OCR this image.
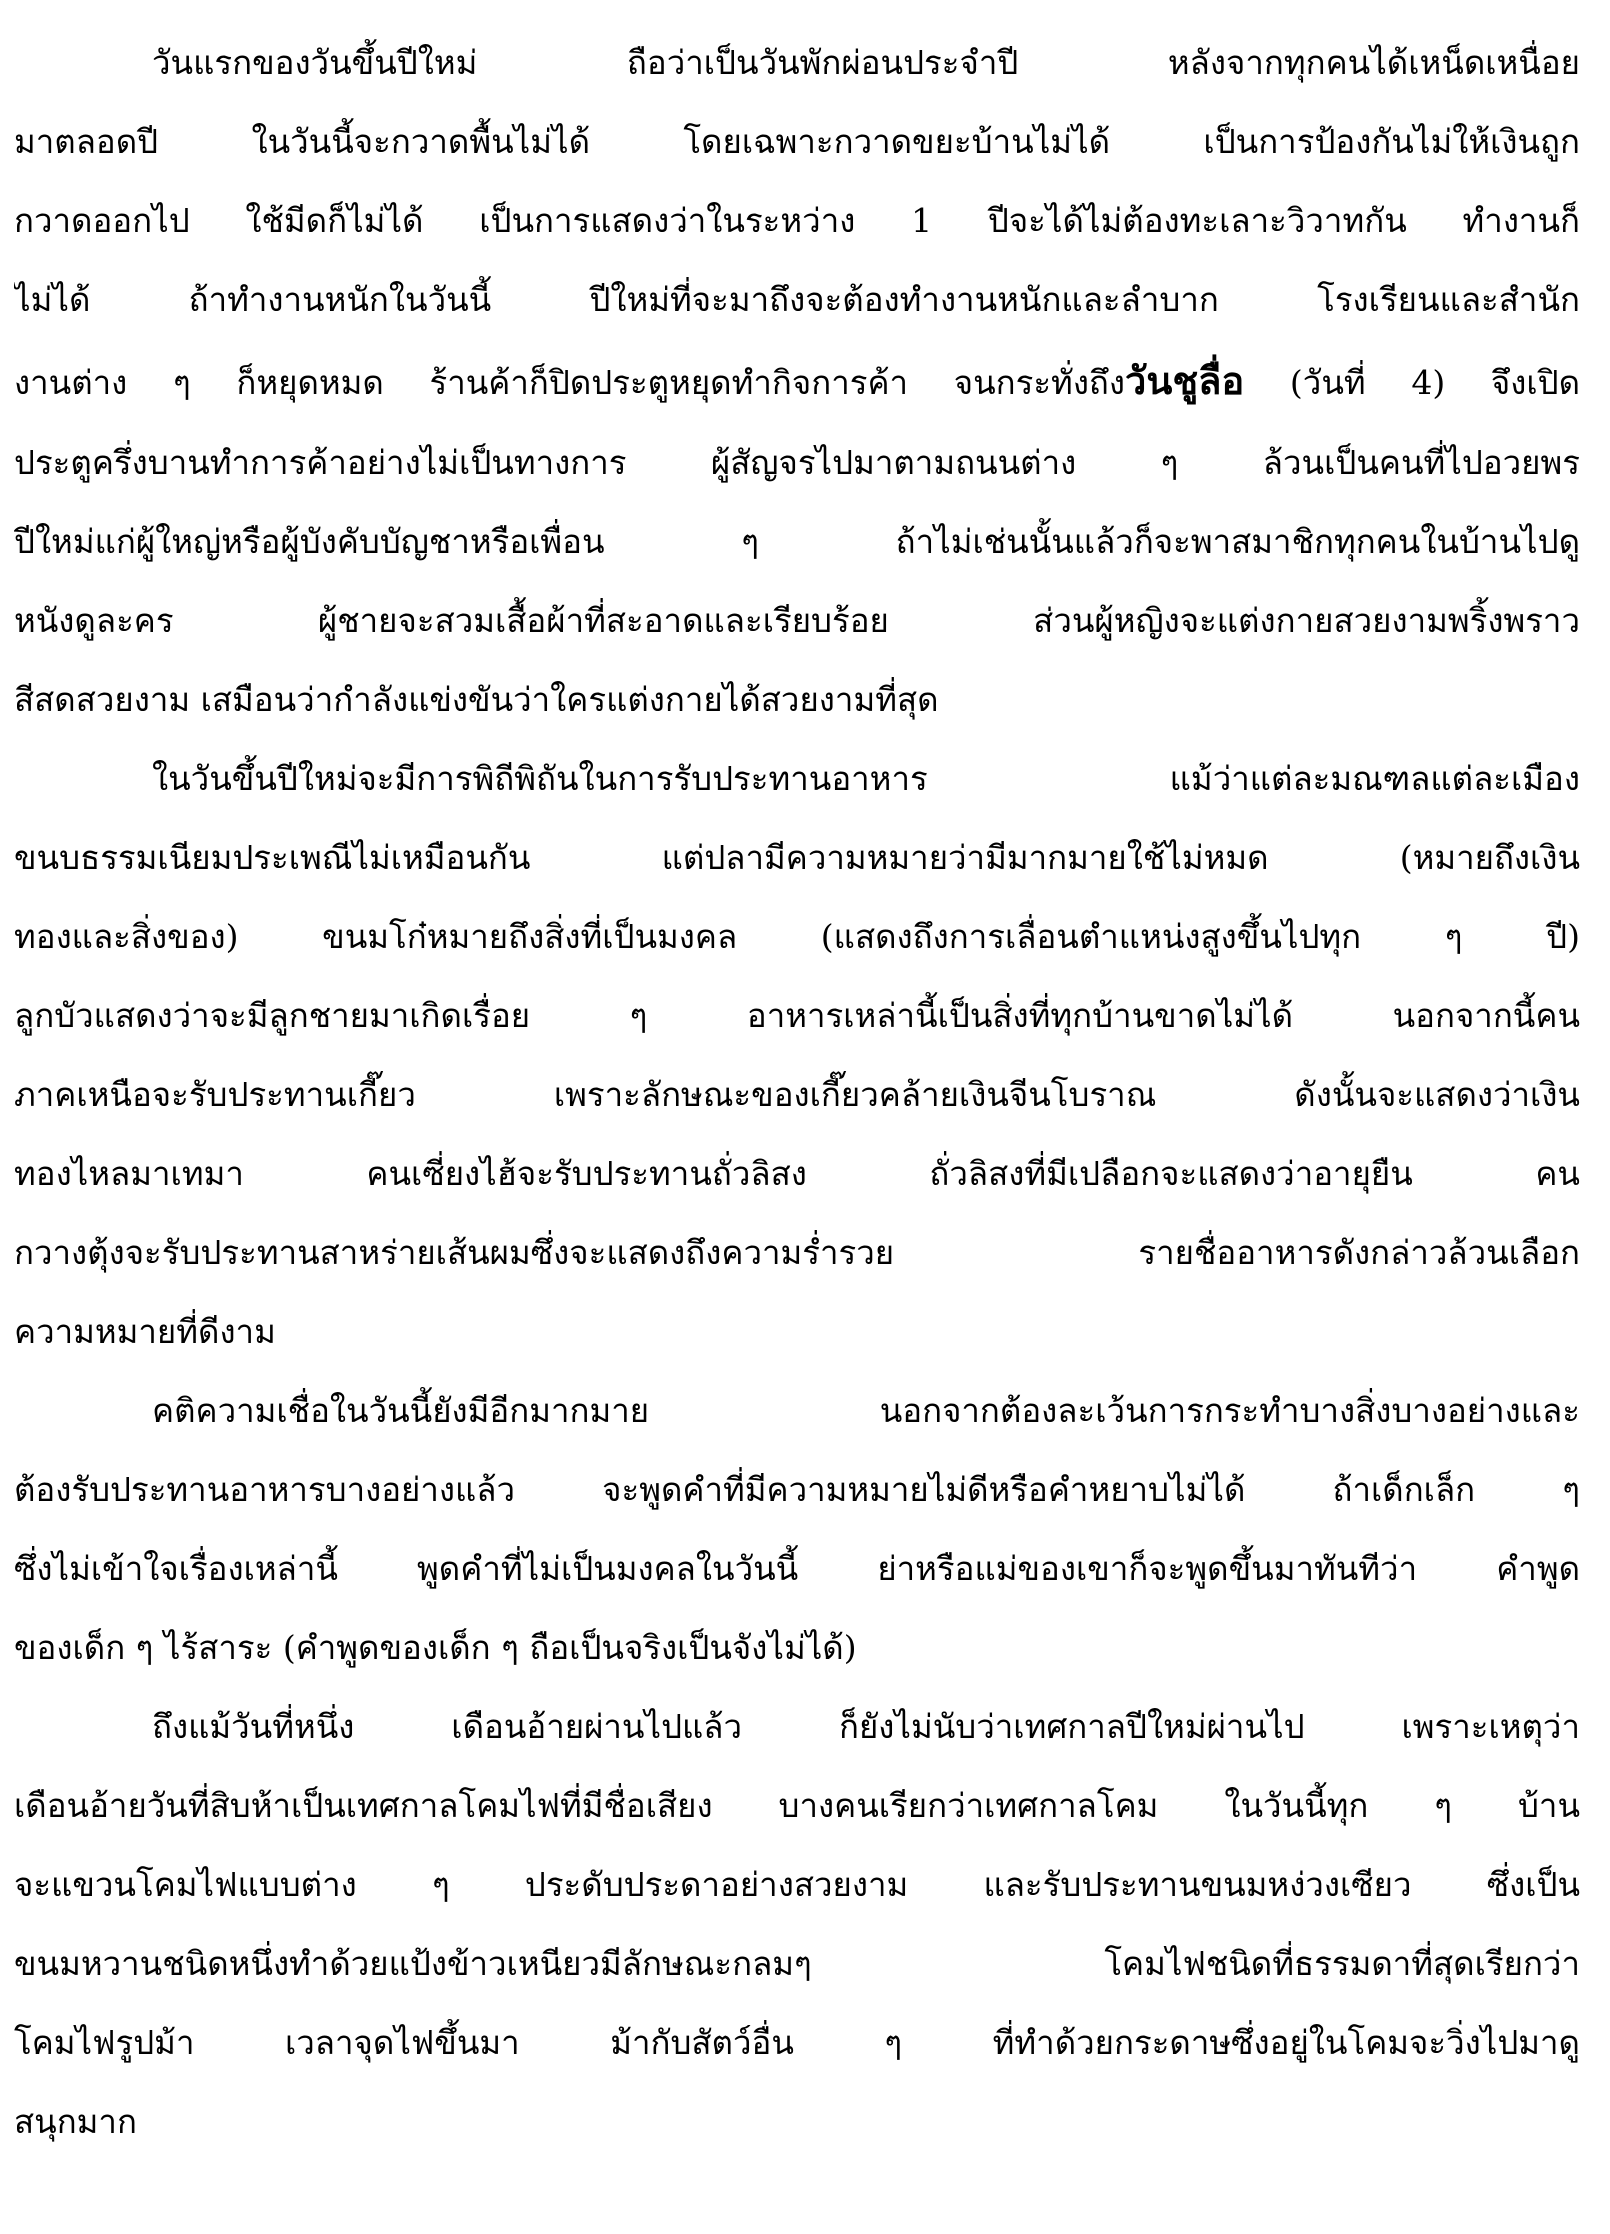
วันแรกของวันขึ้นปีใหม่ ถือว่าเป็นวันพักผ่อนประจำปี หลังจากทุกคนได้เหน็ดเหนื่อย
มาตลอดปี ในวันนี้จะกวาดพื้นไม่ได้ โดยเฉพาะกวาดขยะบ้านไม่ได้ เป็นการป้องกันไม่ให้เงินถูก
กวาดออกไป ใช้มีดก็ไม่ได้ เป็นการแสดงว่าในระหว่าง 1 ปีจะได้ไม่ต้องทะเลาะวิวาทกัน ทำงานก็
ไม่ได้ ถ้าทำงานหนักในวันนี้ ปีใหม่ที่จะมาถึงจะต้องทำงานหนักและลำบาก โรงเรียนและสำนัก
งานต่าง ๆ ก็หยุดหมด ร้านค้าก็ปิดประตูหยุดทำกิจการค้า จนกระทั่งถึงวันชูลื่อ (วันที่ 4) จึงเปิด
ประตูครึ่งบานทำการค้าอย่างไม่เป็นทางการ ผู้สัญจรไปมาตามถนนต่าง ๆ ล้วนเป็นคนที่ไปอวยพร
ปีใหม่แก่ผู้ใหญ่หรือผู้บังคับบัญชาหรือเพื่อน ๆ ถ้าไม่เช่นนั้นแล้วก็จะพาสมาชิกทุกคนในบ้านไปดู
หนังดูละคร ผู้ชายจะสวมเสื้อผ้าที่สะอาดและเรียบร้อย ส่วนผู้หญิงจะแต่งกายสวยงามพริ้งพราว
สีสดสวยงาม เสมือนว่ากำลังแข่งขันว่าใครแต่งกายได้สวยงามที่สุด
ในวันขึ้นปีใหม่จะมีการพิถีพิถันในการรับประทานอาหาร แม้ว่าแต่ละมณฑลแต่ละเมือง
ขนบธรรมเนียมประเพณีไม่เหมือนกัน แต่ปลามีความหมายว่ามีมากมายใช้ไม่หมด (หมายถึงเงิน
ทองและสิ่งของ) ขนมโก๋หมายถึงสิ่งที่เป็นมงคล (แสดงถึงการเลื่อนตำแหน่งสูงขึ้นไปทุก ๆ ปี)
ลูกบัวแสดงว่าจะมีลูกชายมาเกิดเรื่อย ๆ อาหารเหล่านี้เป็นสิ่งที่ทุกบ้านขาดไม่ได้ นอกจากนี้คน
ภาคเหนือจะรับประทานเกี๊ยว เพราะลักษณะของเกี๊ยวคล้ายเงินจีนโบราณ ดังนั้นจะแสดงว่าเงิน
ทองไหลมาเทมา คนเซี่ยงไฮ้จะรับประทานถั่วลิสง ถั่วลิสงที่มีเปลือกจะแสดงว่าอายุยืน คน
กวางตุ้งจะรับประทานสาหร่ายเส้นผมซึ่งจะแสดงถึงความร่ำรวย รายชื่ออาหารดังกล่าวล้วนเลือก
ความหมายที่ดีงาม
คติความเชื่อในวันนี้ยังมีอีกมากมาย นอกจากต้องละเว้นการกระทำบางสิ่งบางอย่างและ
ต้องรับประทานอาหารบางอย่างแล้ว จะพูดคำที่มีความหมายไม่ดีหรือคำหยาบไม่ได้ ถ้าเด็กเล็ก ๆ
ซึ่งไม่เข้าใจเรื่องเหล่านี้ พูดคำที่ไม่เป็นมงคลในวันนี้ ย่าหรือแม่ของเขาก็จะพูดขึ้นมาทันทีว่า คำพูด
ของเด็ก ๆ ไร้สาระ (คำพูดของเด็ก ๆ ถือเป็นจริงเป็นจังไม่ได้)
ถึงแม้วันที่หนึ่ง เดือนอ้ายผ่านไปแล้ว ก็ยังไม่นับว่าเทศกาลปีใหม่ผ่านไป เพราะเหตุว่า
เดือนอ้ายวันที่สิบห้าเป็นเทศกาลโคมไฟที่มีชื่อเสียง บางคนเรียกว่าเทศกาลโคม ในวันนี้ทุก ๆ บ้าน
จะแขวนโคมไฟแบบต่าง ๆ ประดับประดาอย่างสวยงาม และรับประทานขนมหง่วงเซียว ซึ่งเป็น
ขนมหวานชนิดหนึ่งทำด้วยแป้งข้าวเหนียวมีลักษณะกลมๆ โคมไฟชนิดที่ธรรมดาที่สุดเรียกว่า
โคมไฟรูปม้า เวลาจุดไฟขึ้นมา ม้ากับสัตว์อื่น ๆ ที่ทำด้วยกระดาษซึ่งอยู่ในโคมจะวิ่งไปมาดู
สนุกมาก
